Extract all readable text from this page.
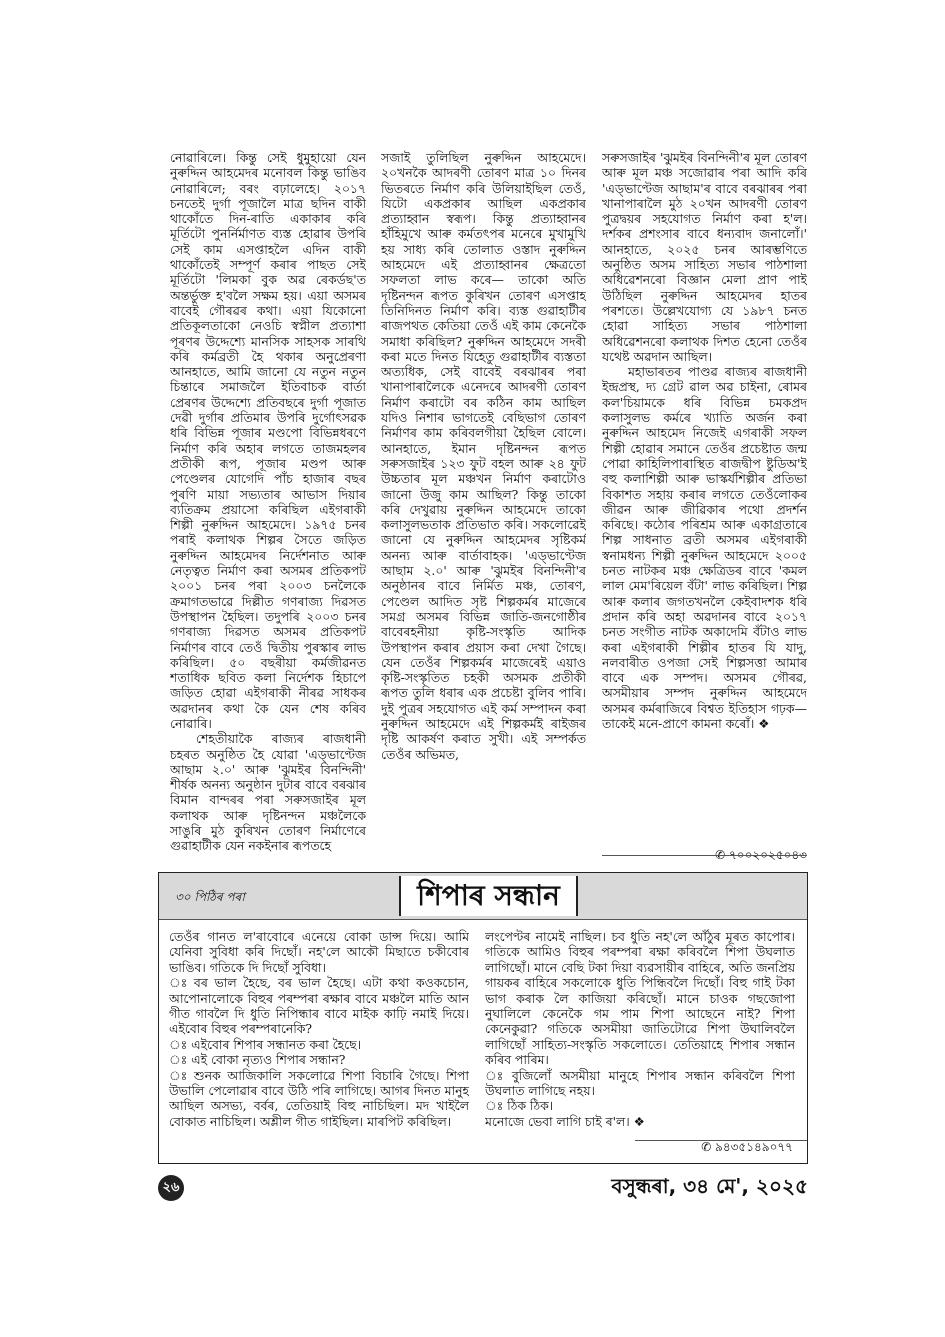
নোৱাৰিলে। কিন্তু সেই ধুমুহায়ো যেন নুৰুদ্দিন আহমেদৰ মনোবল কিন্তু ভাঙিব নোৱাৰিলে; বৰং বঢ়ালেহে। ২০১৭ চনতেই দুৰ্গা পূজালৈ মাত্ৰ ছদিন বাকী থাকোঁতে দিন-ৰাতি একাকাৰ কৰি মূৰ্তিটো পুনৰ্নিৰ্মাণত ব্যস্ত হোৱাৰ উপৰি সেই কাম এসপ্তাহলৈ এদিন বাকী থাকোঁতেই সম্পূৰ্ণ কৰাৰ পাছত সেই মূৰ্তিটো 'লিমকা বুক অৱ ৰেকৰ্ডছ'ত অন্তৰ্ভুক্ত হ'বলৈ সক্ষম হয়। এয়া অসমৰ বাবেই গৌৰৱৰ কথা। এয়া যিকোনো প্ৰতিকূলতাকো নেওচি স্বপ্নীল প্ৰত্যাশা পূৰণৰ উদ্দেশ্যে মানসিক সাহসক সাৰথি কৰি কৰ্মব্ৰতী হৈ থকাৰ অনুপ্ৰেৰণা আনহাতে, আমি জানো যে নতুন নতুন চিন্তাৰে সমাজলৈ ইতিবাচক বাৰ্তা প্ৰেৰণৰ উদ্দেশ্যে প্ৰতিবছৰে দুৰ্গা পূজাত দেৱী দুৰ্গাৰ প্ৰতিমাৰ উপৰি দুৰ্গোৎসৱক ধৰি বিভিন্ন পূজাৰ মণ্ডপো বিভিন্নধৰণে নিৰ্মাণ কৰি অহাৰ লগতে তাজমহলৰ প্ৰতীকী ৰূপ, পূজাৰ মণ্ডপ আৰু পেণ্ডেলৰ যোগেদি পাঁচ হাজাৰ বছৰ পুৰণি মায়া সভ্যতাৰ আভাস দিয়াৰ ব্যতিক্ৰম প্ৰয়াসো কৰিছিল এইগৰাকী শিল্পী নুৰুদ্দিন আহমেদে। ১৯৭৫ চনৰ পৰাই কলাথক শিল্পৰ সৈতে জড়িত নুৰুদ্দিন আহমেদৰ নিৰ্দেশনাত আৰু নেতৃত্বত নিৰ্মাণ কৰা অসমৰ প্ৰতিকপট ২০০১ চনৰ পৰা ২০০৩ চনলৈকে ক্ৰমাগতভাৱে দিল্লীত গণৰাজ্য দিৱসত উপস্থাপন হৈছিল। তদুপৰি ২০০৩ চনৰ গণৰাজ্য দিৱসত অসমৰ প্ৰতিকপট নিৰ্মাণৰ বাবে তেওঁ দ্বিতীয় পুৰস্কাৰ লাভ কৰিছিল। ৫০ বছৰীয়া কৰ্মজীৱনত শতাধিক ছবিত কলা নিৰ্দেশক হিচাপে জড়িত হোৱা এইগৰাকী নীৰৱ সাধকৰ অৱদানৰ কথা কৈ যেন শেষ কৰিব নোৱাৰি।

শেহতীয়াকৈ ৰাজ্যৰ ৰাজধানী চহৰত অনুষ্ঠিত হৈ যোৱা 'এড্ভাণ্টেজ আছাম ২.০' আৰু 'ঝুমইৰ বিনন্দিনী' শীৰ্ষক অনন্য অনুষ্ঠান দুটাৰ বাবে বৰঝাৰ বিমান বান্দৰৰ পৰা সৰুসজাইৰ মূল কলাথক আৰু দৃষ্টিনন্দন মঞ্চলৈকে সাঙুৰি মুঠ কুৰিখন তোৰণ নিৰ্মাণেৰে গুৱাহাটীক যেন নকইনাৰ ৰূপতহে

সজাই তুলিছিল নুৰুদ্দিন আহমেদে। ২০খনকৈ আদৰণী তোৰণ মাত্ৰ ১০ দিনৰ ভিতৰতে নিৰ্মাণ কৰি উলিয়াইছিল তেওঁ, যিটো একপ্ৰকাৰ আছিল একপ্ৰকাৰ প্ৰত্যাহ্বান স্বৰূপ। কিন্তু প্ৰত্যাহ্বানৰ হাঁহিমুখে আৰু কৰ্মতৎপৰ মনেৰে মুখামুখি হয় সাধ্য কৰি তোলাত ওস্তাদ নুৰুদ্দিন আহমেদে এই প্ৰত্যাহ্বানৰ ক্ষেত্ৰতো সফলতা লাভ কৰে— তাকো অতি দৃষ্টিনন্দন ৰূপত কুৰিখন তোৰণ এসপ্তাহ তিনিদিনত নিৰ্মাণ কৰি। ব্যস্ত গুৱাহাটীৰ ৰাজপথত কেতিয়া তেওঁ এই কাম কেনেকৈ সমাধা কৰিছিল? নুৰুদ্দিন আহমেদে সদৰী কৰা মতে দিনত যিহেতু গুৱাহাটীৰ ব্যস্ততা অত্যধিক, সেই বাবেই বৰঝাৰৰ পৰা খানাপাৰালৈকে এনেদৰে আদৰণী তোৰণ নিৰ্মাণ কৰাটো বৰ কঠিন কাম আছিল যদিও নিশাৰ ভাগতেই বেছিভাগ তোৰণ নিৰ্মাণৰ কাম কৰিবলগীয়া হৈছিল বোলে। আনহাতে, ইমান দৃষ্টিনন্দন ৰূপত সৰুসজাইৰ ১২৩ ফুট বহল আৰু ২৪ ফুট উচ্চতাৰ মূল মঞ্চখন নিৰ্মাণ কৰাটোও জানো উজু কাম আছিল? কিন্তু তাকো কৰি দেখুৱায় নুৰুদ্দিন আহমেদে তাকো কলাসুলভতাক প্ৰতিভাত কৰি। সকলোৱেই জানো যে নুৰুদ্দিন আহমেদৰ সৃষ্টিকৰ্ম অনন্য আৰু বাৰ্তাবাহক। 'এড্ভাণ্টেজ আছাম ২.০' আৰু 'ঝুমইৰ বিনন্দিনী'ৰ অনুষ্ঠানৰ বাবে নিৰ্মিত মঞ্চ, তোৰণ, পেণ্ডেল আদিত সৃষ্ট শিল্পকৰ্মৰ মাজেৰে সমগ্ৰ অসমৰ বিভিন্ন জাতি-জনগোষ্ঠীৰ বাবেৰহনীয়া কৃষ্টি-সংস্কৃতি আদিক উপস্থাপন কৰাৰ প্ৰয়াস কৰা দেখা গৈছে। যেন তেওঁৰ শিল্পকৰ্মৰ মাজেৰেই এয়াও কৃষ্টি-সংস্কৃতিত চহকী অসমক প্ৰতীকী ৰূপত তুলি ধৰাৰ এক প্ৰচেষ্টা বুলিব পাৰি। দুই পুত্ৰৰ সহযোগত এই কৰ্ম সম্পাদন কৰা নুৰুদ্দিন আহমেদে এই শিল্পকৰ্মই ৰাইজৰ দৃষ্টি আকৰ্ষণ কৰাত সুখী। এই সম্পৰ্কত তেওঁৰ অভিমত,

সৰুসজাইৰ 'ঝুমইৰ বিনন্দিনী'ৰ মূল তোৰণ আৰু মূল মঞ্চ সজোৱাৰ পৰা আদি কৰি 'এড্ভাণ্টেজ আছাম'ৰ বাবে বৰঝাৰৰ পৰা খানাপাৰালৈ মুঠ ২০খন আদৰণী তোৰণ পুত্ৰদ্বয়ৰ সহযোগত নিৰ্মাণ কৰা হ'ল। দৰ্শকৰ প্ৰশংসাৰ বাবে ধন্যবাদ জনালোঁ।' আনহাতে, ২০২৫ চনৰ আৰম্ভণিতে অনুষ্ঠিত অসম সাহিত্য সভাৰ পাঠশালা অধিৱেশনৰো বিজ্ঞান মেলা প্ৰাণ পাই উঠিছিল নুৰুদ্দিন আহমেদৰ হাতৰ পৰশতে। উল্লেখযোগ্য যে ১৯৮৭ চনত হোৱা সাহিত্য সভাৰ পাঠশালা অধিৱেশনৰো কলাথক দিশত হেনো তেওঁৰ যথেষ্ট অৱদান আছিল।

মহাভাৰতৰ পাণ্ডৱ ৰাজ্যৰ ৰাজধানী ইন্দ্ৰপ্ৰস্থ, দ্য গ্ৰেট ৱাল অৱ চাইনা, ৰোমৰ কল'চিয়ামকে ধৰি বিভিন্ন চমকপ্ৰদ কলাসুলভ কৰ্মৰে খ্যাতি অৰ্জন কৰা নুৰুদ্দিন আহমেদ নিজেই এগৰাকী সফল শিল্পী হোৱাৰ সমানে তেওঁৰ প্ৰচেষ্টাত জন্ম পোৱা কাহিলিপাৰাস্থিত ৰাজদ্বীপ ষ্টুডিঅ'ই বহু কলাশিল্পী আৰু ভাস্কৰ্যশিল্পীৰ প্ৰতিভা বিকাশত সহায় কৰাৰ লগতে তেওঁলোকৰ জীৱন আৰু জীৱিকাৰ পথো প্ৰদৰ্শন কৰিছে। কঠোৰ পৰিশ্ৰম আৰু একাগ্ৰতাৰে শিল্প সাধনাত ব্ৰতী অসমৰ এইগৰাকী স্বনামধন্য শিল্পী নুৰুদ্দিন আহমেদে ২০০৫ চনত নাটকৰ মঞ্চ ক্ষেত্ৰিডৰ বাবে 'কমল লাল মেম'ৰিয়েল বঁটা' লাভ কৰিছিল। শিল্প আৰু কলাৰ জগতখনলৈ কেইবাদশক ধৰি প্ৰদান কৰি অহা অৱদানৰ বাবে ২০১৭ চনত সংগীত নাটক অকাদেমি বঁটাও লাভ কৰা এইগৰাকী শিল্পীৰ হাতৰ যি যাদু, নলবাৰীত ওপজা সেই শিল্পসত্তা আমাৰ বাবে এক সম্পদ। অসমৰ গৌৰৱ, অসমীয়াৰ সম্পদ নুৰুদ্দিন আহমেদে অসমৰ কৰ্মৰাজিৰে বিশ্বত ইতিহাস গঢ়ক— তাকেই মনে-প্ৰাণে কামনা কৰোঁ। ❖

✆ ৭০০২০২৫০৪৩
৩০ পিঠিৰ পৰা	শিপাৰ সন্ধান

তেওঁৰ গানত ল'ৰাবোৰে এনেয়ে বোকা ডান্স দিয়ে। আমি যেনিবা সুবিধা কৰি দিছোঁ। নহ'লে আকৌ মিছাতে চকীবোৰ ভাঙিব। গতিকে দি দিছোঁ সুবিধা।

ঃ বৰ ভাল হৈছে, বৰ ভাল হৈছে। এটা কথা কওকচোন, আপোনালোকে বিহুৰ পৰম্পৰা ৰক্ষাৰ বাবে মঞ্চলৈ মাতি আন গীত গাবলৈ দি ধুতি নিপিন্ধাৰ বাবে মাইক কাঢ়ি নমাই দিয়ে। এইবোৰ বিহুৰ পৰম্পৰানেকি?

ঃ এইবোৰ শিপাৰ সন্ধানত কৰা হৈছে।

ঃ এই বোকা নৃত্যও শিপাৰ সন্ধান?

ঃ শুনক আজিকালি সকলোৱে শিপা বিচাৰি গৈছে। শিপা উভালি পেলোৱাৰ বাবে উঠি পৰি লাগিছে। আগৰ দিনত মানুহ আছিল অসভ্য, বৰ্বৰ, তেতিয়াই বিহু নাচিছিল। মদ খাইলৈ বোকাত নাচিছিল। অশ্লীল গীত গাইছিল। মাৰপিট কৰিছিল।

লংপেণ্টৰ নামেই নাছিল। চব ধুতি নহ'লে আঁঠুৰ মূৰত কাপোৰ। গতিকে আমিও বিহুৰ পৰম্পৰা ৰক্ষা কৰিবলৈ শিপা উঘলাত লাগিছোঁ। মানে বেছি টকা দিয়া ব্যৱসায়ীৰ বাহিৰে, অতি জনপ্ৰিয় গায়কৰ বাহিৰে সকলোকে ধুতি পিন্ধিবলৈ দিছোঁ। বিহু গাই টকা ভাগ কৰাক লৈ কাজিয়া কৰিছোঁ। মানে চাওক গছজোপা নুঘালিলে কেনেকৈ গম পাম শিপা আছেনে নাই? শিপা কেনেকুৱা? গতিকে অসমীয়া জাতিটোৱে শিপা উঘালিবলৈ লাগিছোঁ সাহিত্য-সংস্কৃতি সকলোতে। তেতিয়াহে শিপাৰ সন্ধান কৰিব পাৰিম।

ঃ বুজিলোঁ অসমীয়া মানুহে শিপাৰ সন্ধান কৰিবলৈ শিপা উঘলাত লাগিছে নহয়।

ঃ ঠিক ঠিক।

মনোজে ভেবা লাগি চাই ৰ'ল। ❖

✆ ৯৪৩৫১৪৯০৭৭
২৬	বসুন্ধৰা, ৩৪ মে', ২০২৫
